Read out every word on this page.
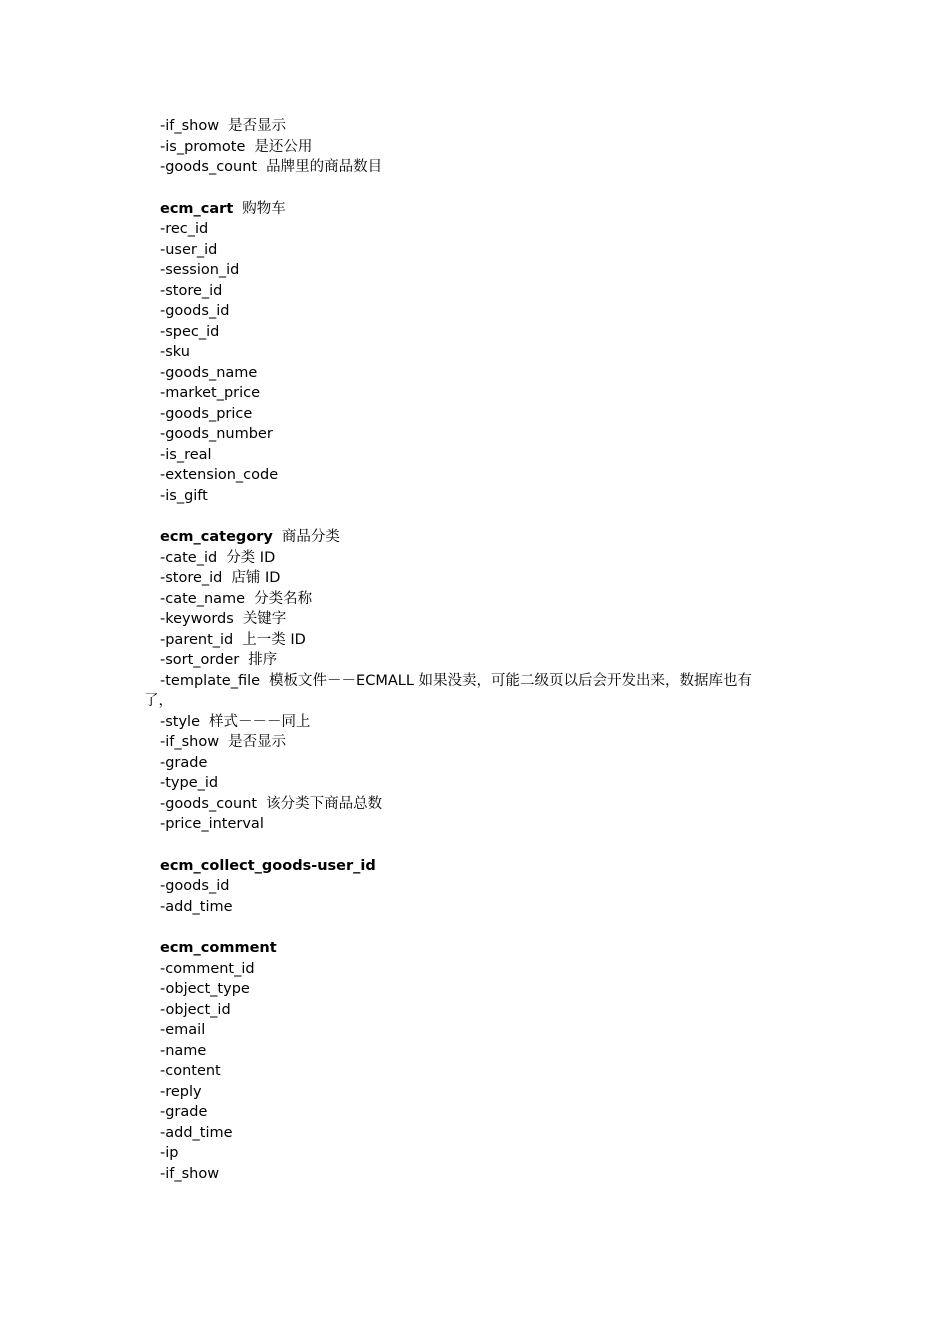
-if_show 是否显示
-is_promote 是还公用
-goods_count 品牌里的商品数目
ecm_cart 购物车
-rec_id
-user_id
-session_id
-store_id
-goods_id
-spec_id
-sku
-goods_name
-market_price
-goods_price
-goods_number
-is_real
-extension_code
-is_gift
ecm_category 商品分类
-cate_id 分类 ID
-store_id 店铺 ID
-cate_name 分类名称
-keywords 关键字
-parent_id 上一类 ID
-sort_order 排序
-template_file 模板文件－－ECMALL 如果没卖，可能二级页以后会开发出来，数据库也有
了，
-style 样式－－－同上
-if_show 是否显示
-grade
-type_id
-goods_count 该分类下商品总数
-price_interval
ecm_collect_goods-user_id
-goods_id
-add_time
ecm_comment
-comment_id
-object_type
-object_id
-email
-name
-content
-reply
-grade
-add_time
-ip
-if_show
